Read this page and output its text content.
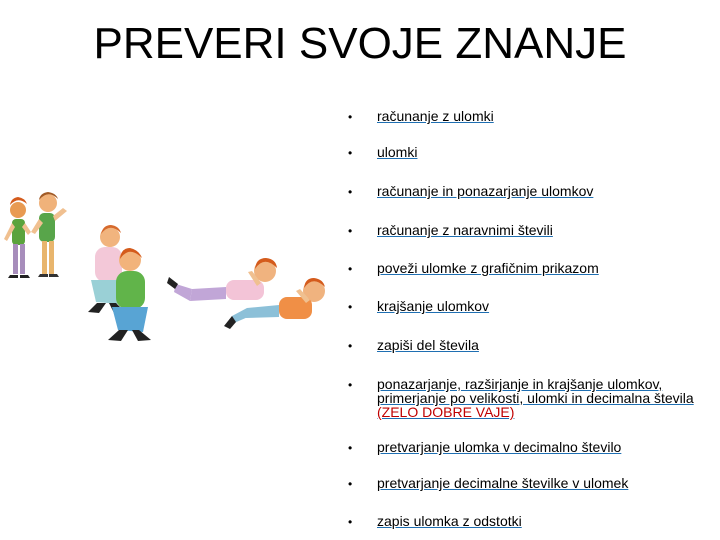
PREVERI SVOJE ZNANJE
•	računanje z ulomki
•	ulomki
•	računanje in ponazarjanje ulomkov
•	računanje z naravnimi števili
•	poveži ulomke z grafičnim prikazom
•	krajšanje ulomkov
•	zapiši del števila
•	ponazarjanje, razširjanje in krajšanje ulomkov, primerjanje po velikosti, ulomki in decimalna števila (ZELO DOBRE VAJE)
•	pretvarjanje ulomka v decimalno število
•	pretvarjanje decimalne številke v ulomek
•	zapis ulomka z odstotki
